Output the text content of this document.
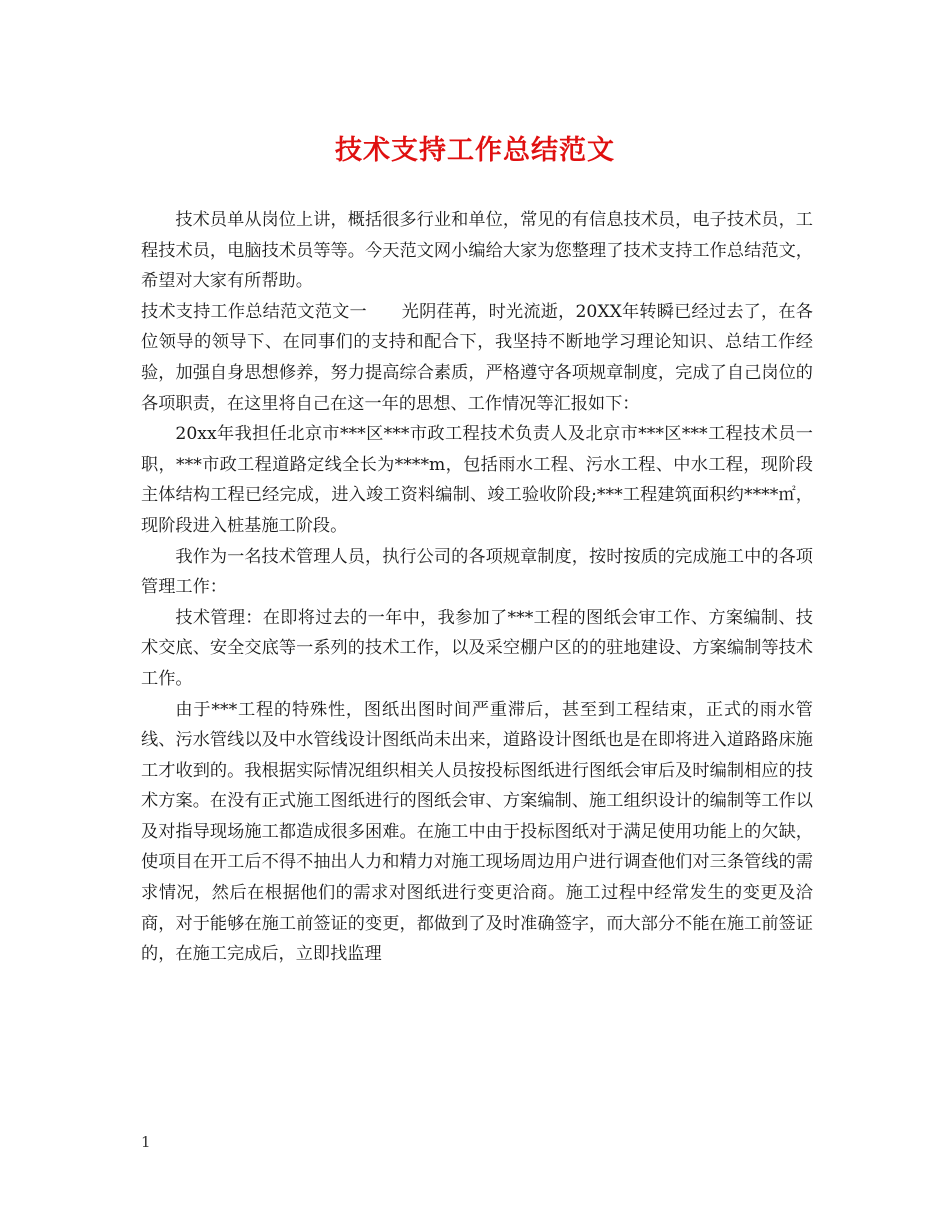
技术支持工作总结范文

技术员单从岗位上讲，概括很多行业和单位，常见的有信息技术员，电子技术员，工程技术员，电脑技术员等等。今天范文网小编给大家为您整理了技术支持工作总结范文，希望对大家有所帮助。

技术支持工作总结范文范文一　　 光阴荏苒，时光流逝，20XX年转瞬已经过去了，在各位领导的领导下、在同事们的支持和配合下，我坚持不断地学习理论知识、总结工作经验，加强自身思想修养，努力提高综合素质，严格遵守各项规章制度，完成了自己岗位的各项职责，在这里将自己在这一年的思想、工作情况等汇报如下：

20xx年我担任北京市***区***市政工程技术负责人及北京市***区***工程技术员一职，***市政工程道路定线全长为****m，包括雨水工程、污水工程、中水工程，现阶段主体结构工程已经完成，进入竣工资料编制、竣工验收阶段;***工程建筑面积约****㎡，现阶段进入桩基施工阶段。

我作为一名技术管理人员，执行公司的各项规章制度，按时按质的完成施工中的各项管理工作：

技术管理：在即将过去的一年中，我参加了***工程的图纸会审工作、方案编制、技术交底、安全交底等一系列的技术工作，以及采空棚户区的的驻地建设、方案编制等技术工作。

由于***工程的特殊性，图纸出图时间严重滞后，甚至到工程结束，正式的雨水管线、污水管线以及中水管线设计图纸尚未出来，道路设计图纸也是在即将进入道路路床施工才收到的。我根据实际情况组织相关人员按投标图纸进行图纸会审后及时编制相应的技术方案。在没有正式施工图纸进行的图纸会审、方案编制、施工组织设计的编制等工作以及对指导现场施工都造成很多困难。在施工中由于投标图纸对于满足使用功能上的欠缺，使项目在开工后不得不抽出人力和精力对施工现场周边用户进行调查他们对三条管线的需求情况，然后在根据他们的需求对图纸进行变更洽商。施工过程中经常发生的变更及洽商，对于能够在施工前签证的变更，都做到了及时准确签字，而大部分不能在施工前签证的，在施工完成后，立即找监理

1
